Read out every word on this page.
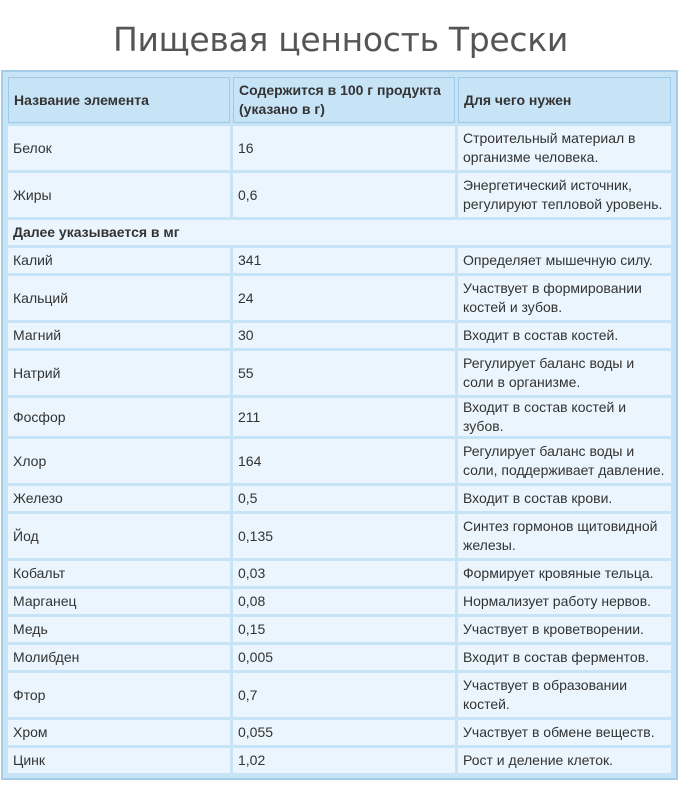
Пищевая ценность Трески
Название элемента	Содержится в 100 г продукта (указано в г)	Для чего нужен
Белок	16	Строительный материал в организме человека.
Жиры	0,6	Энергетический источник, регулируют тепловой уровень.
Далее указывается в мг		
Калий	341	Определяет мышечную силу.
Кальций	24	Участвует в формировании костей и зубов.
Магний	30	Входит в состав костей.
Натрий	55	Регулирует баланс воды и соли в организме.
Фосфор	211	Входит в состав костей и зубов.
Хлор	164	Регулирует баланс воды и соли, поддерживает давление.
Железо	0,5	Входит в состав крови.
Йод	0,135	Синтез гормонов щитовидной железы.
Кобальт	0,03	Формирует кровяные тельца.
Марганец	0,08	Нормализует работу нервов.
Медь	0,15	Участвует в кроветворении.
Молибден	0,005	Входит в состав ферментов.
Фтор	0,7	Участвует в образовании костей.
Хром	0,055	Участвует в обмене веществ.
Цинк	1,02	Рост и деление клеток.
